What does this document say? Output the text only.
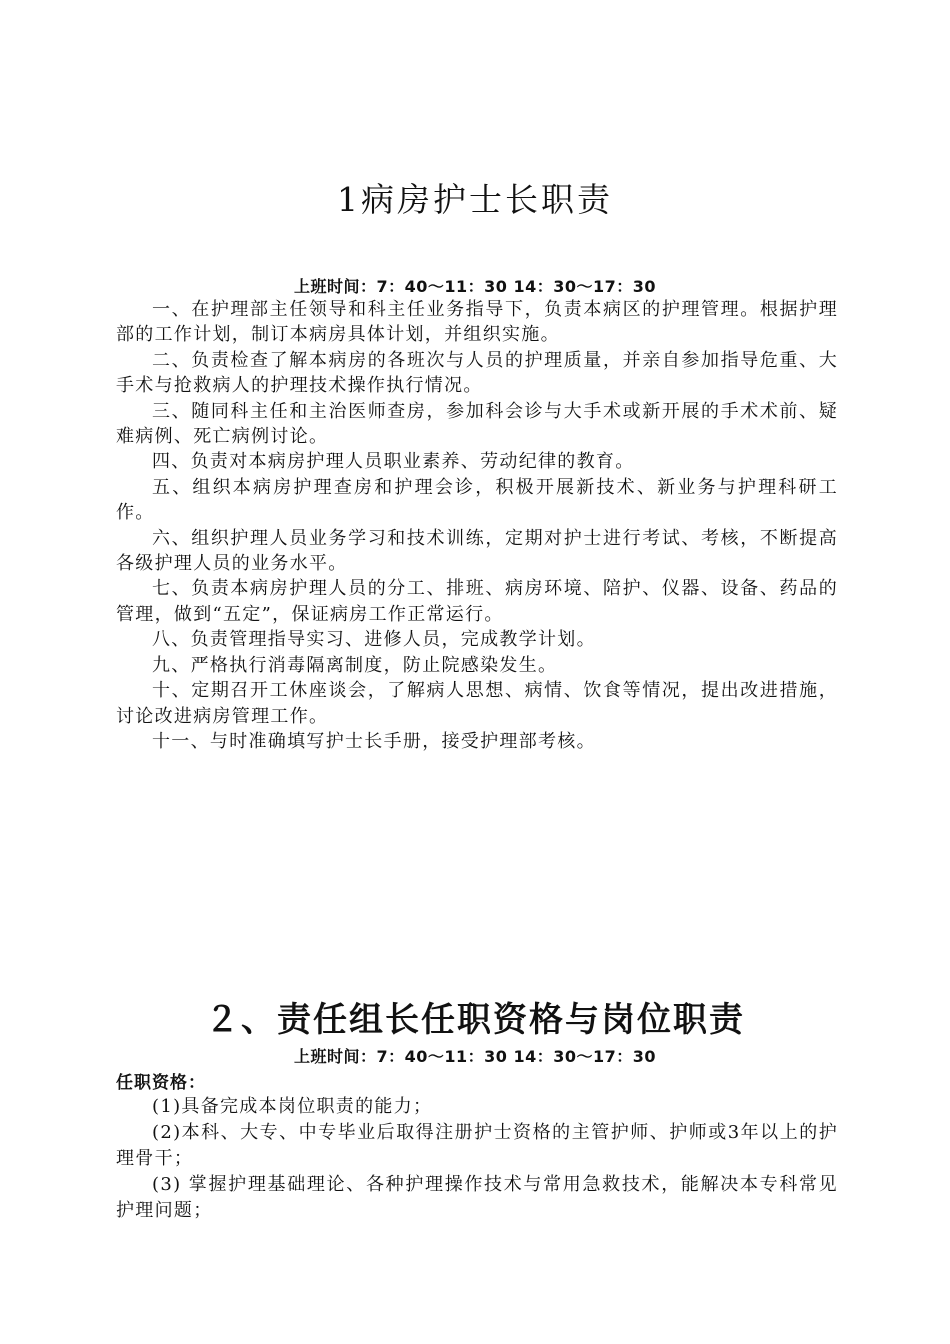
1病房护士长职责
上班时间：7：40～11：30 14：30～17：30

一、在护理部主任领导和科主任业务指导下，负责本病区的护理管理。根据护理部的工作计划，制订本病房具体计划，并组织实施。

二、负责检查了解本病房的各班次与人员的护理质量，并亲自参加指导危重、大手术与抢救病人的护理技术操作执行情况。

三、随同科主任和主治医师查房，参加科会诊与大手术或新开展的手术术前、疑难病例、死亡病例讨论。

四、负责对本病房护理人员职业素养、劳动纪律的教育。

五、组织本病房护理查房和护理会诊，积极开展新技术、新业务与护理科研工作。

六、组织护理人员业务学习和技术训练，定期对护士进行考试、考核，不断提高各级护理人员的业务水平。

七、负责本病房护理人员的分工、排班、病房环境、陪护、仪器、设备、药品的管理，做到“五定”，保证病房工作正常运行。

八、负责管理指导实习、进修人员，完成教学计划。

九、严格执行消毒隔离制度，防止院感染发生。

十、定期召开工休座谈会，了解病人思想、病情、饮食等情况，提出改进措施，讨论改进病房管理工作。

十一、与时准确填写护士长手册，接受护理部考核。

２、责任组长任职资格与岗位职责
上班时间：7：40～11：30 14：30～17：30
任职资格：

(1)具备完成本岗位职责的能力；

(2)本科、大专、中专毕业后取得注册护士资格的主管护师、护师或3年以上的护理骨干；

(3) 掌握护理基础理论、各种护理操作技术与常用急救技术，能解决本专科常见护理问题；
